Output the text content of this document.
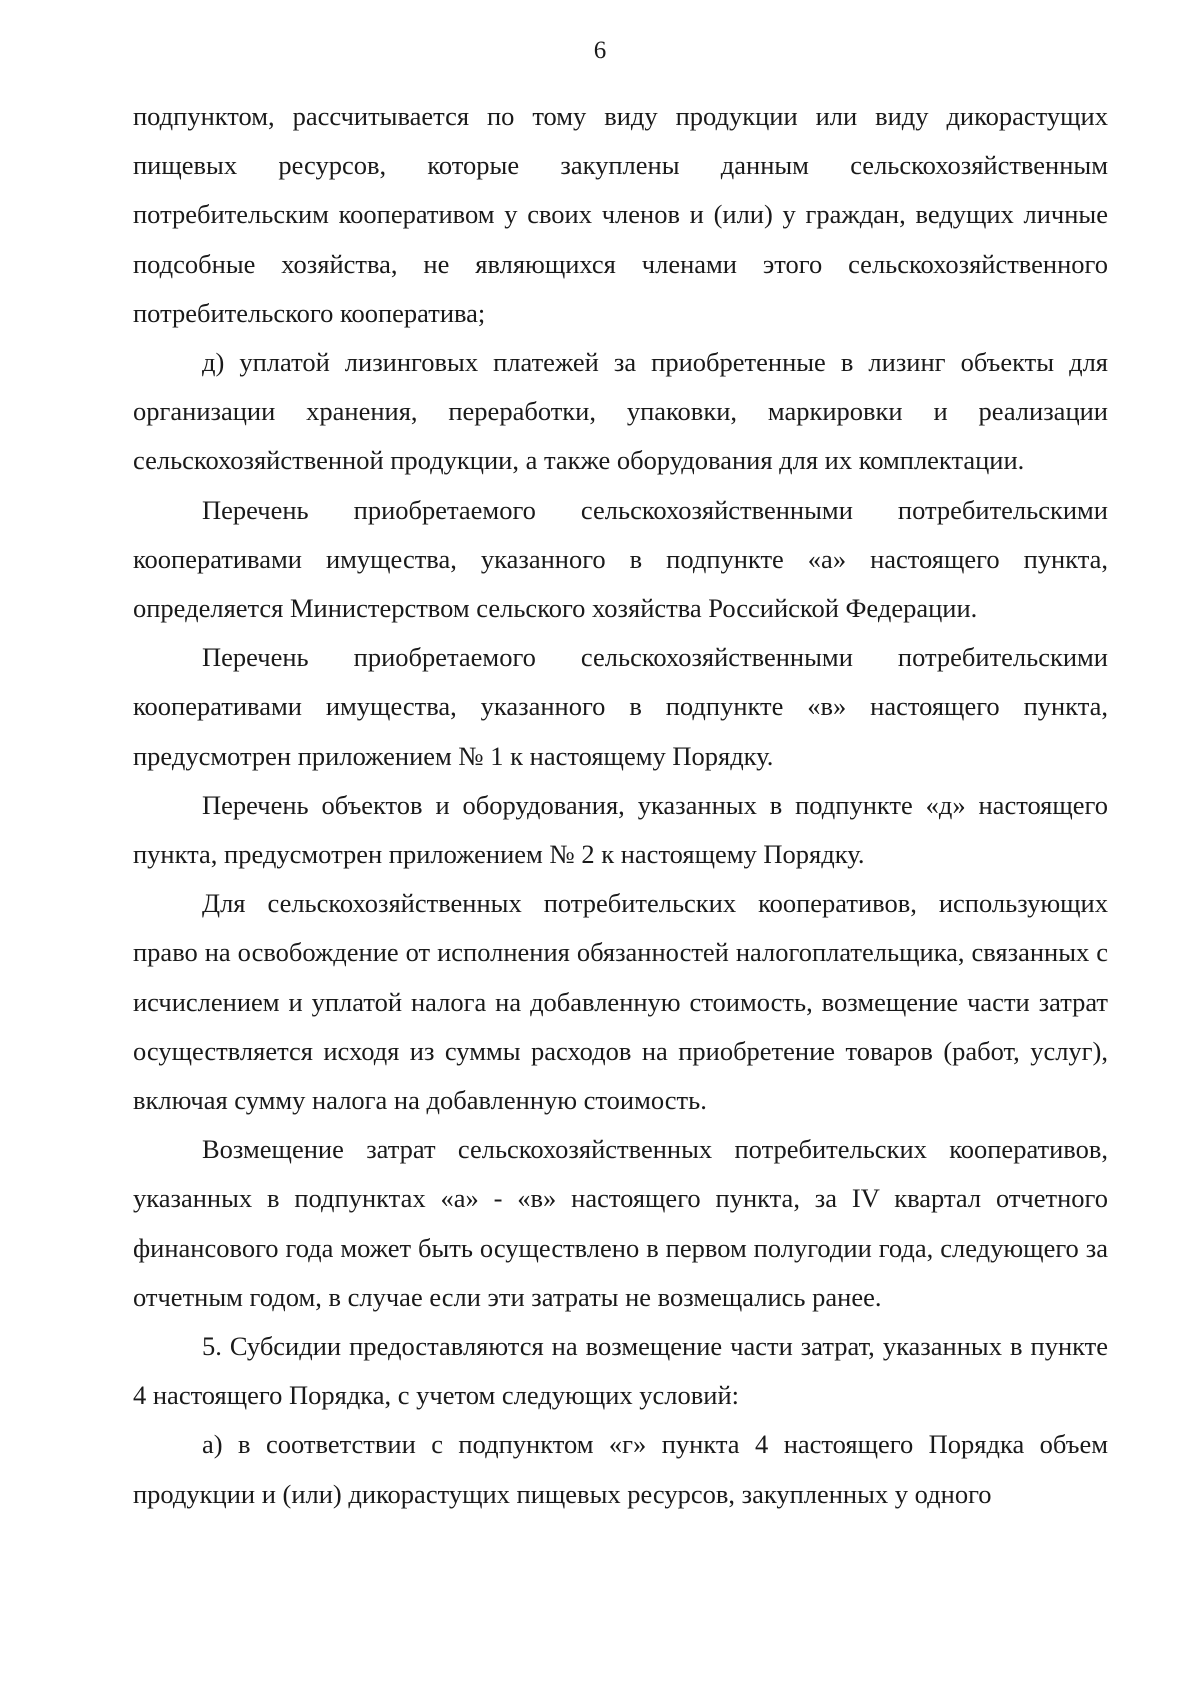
6

подпунктом, рассчитывается по тому виду продукции или виду дикорастущих пищевых ресурсов, которые закуплены данным сельскохозяйственным потребительским кооперативом у своих членов и (или) у граждан, ведущих личные подсобные хозяйства, не являющихся членами этого сельскохозяйственного потребительского кооператива;

д) уплатой лизинговых платежей за приобретенные в лизинг объекты для организации хранения, переработки, упаковки, маркировки и реализации сельскохозяйственной продукции, а также оборудования для их комплектации.

Перечень приобретаемого сельскохозяйственными потребительскими кооперативами имущества, указанного в подпункте «а» настоящего пункта, определяется Министерством сельского хозяйства Российской Федерации.

Перечень приобретаемого сельскохозяйственными потребительскими кооперативами имущества, указанного в подпункте «в» настоящего пункта, предусмотрен приложением № 1 к настоящему Порядку.

Перечень объектов и оборудования, указанных в подпункте «д» настоящего пункта, предусмотрен приложением № 2 к настоящему Порядку.

Для сельскохозяйственных потребительских кооперативов, использующих право на освобождение от исполнения обязанностей налогоплательщика, связанных с исчислением и уплатой налога на добавленную стоимость, возмещение части затрат осуществляется исходя из суммы расходов на приобретение товаров (работ, услуг), включая сумму налога на добавленную стоимость.

Возмещение затрат сельскохозяйственных потребительских кооперативов, указанных в подпунктах «а» - «в» настоящего пункта, за IV квартал отчетного финансового года может быть осуществлено в первом полугодии года, следующего за отчетным годом, в случае если эти затраты не возмещались ранее.

5. Субсидии предоставляются на возмещение части затрат, указанных в пункте 4 настоящего Порядка, с учетом следующих условий:

а) в соответствии с подпунктом «г» пункта 4 настоящего Порядка объем продукции и (или) дикорастущих пищевых ресурсов, закупленных у одного
